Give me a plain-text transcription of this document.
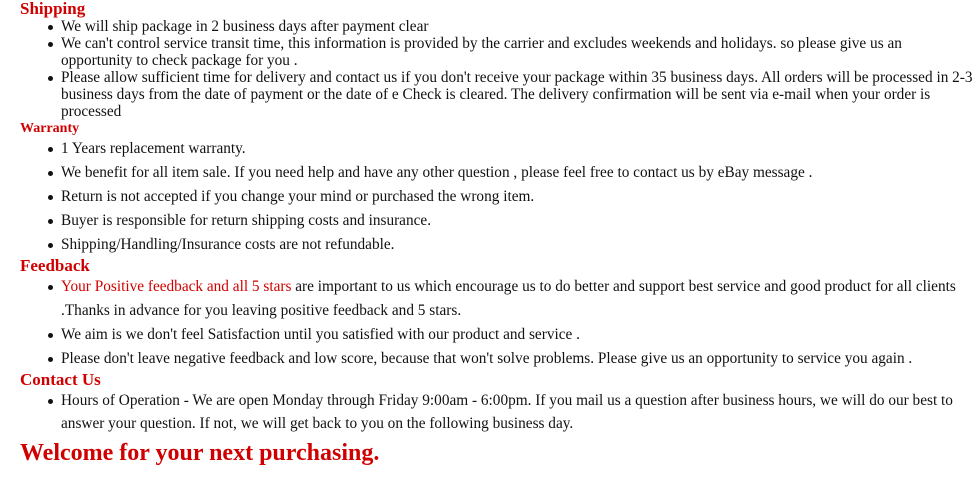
Shipping
We will ship package in 2 business days after payment clear
We can't control service transit time, this information is provided by the carrier and excludes weekends and holidays. so please give us an opportunity to check package for you .
Please allow sufficient time for delivery and contact us if you don't receive your package within 35 business days. All orders will be processed in 2-3 business days from the date of payment or the date of e Check is cleared. The delivery confirmation will be sent via e-mail when your order is processed
Warranty
1 Years replacement warranty.
We benefit for all item sale. If you need help and have any other question , please feel free to contact us by eBay message .
Return is not accepted if you change your mind or purchased the wrong item.
Buyer is responsible for return shipping costs and insurance.
Shipping/Handling/Insurance costs are not refundable.
Feedback
Your Positive feedback and all 5 stars are important to us which encourage us to do better and support best service and good product for all clients .Thanks in advance for you leaving positive feedback and 5 stars.
We aim is we don't feel Satisfaction until you satisfied with our product and service .
Please don't leave negative feedback and low score, because that won't solve problems. Please give us an opportunity to service you again .
Contact Us
Hours of Operation - We are open Monday through Friday 9:00am - 6:00pm. If you mail us a question after business hours, we will do our best to answer your question. If not, we will get back to you on the following business day.
Welcome for your next purchasing.
